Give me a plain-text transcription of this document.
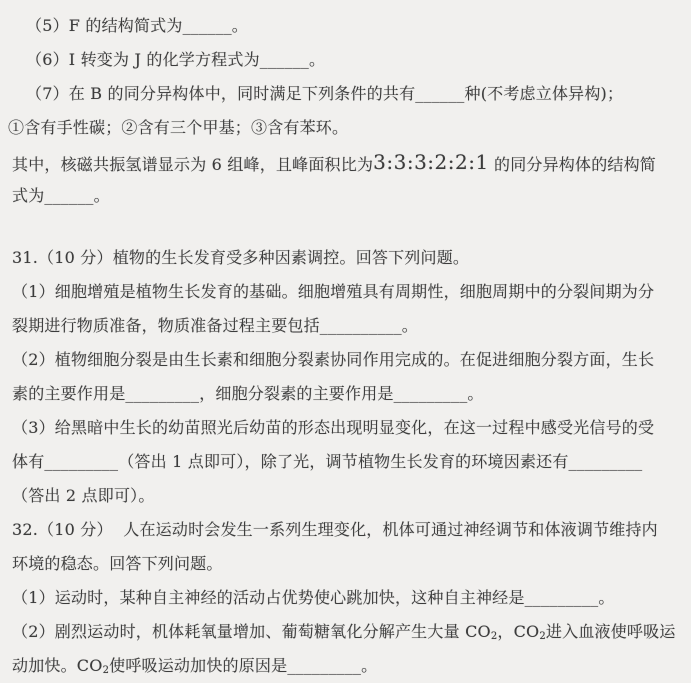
（5）F 的结构简式为______。
（6）I 转变为 J 的化学方程式为______。
（7）在 B 的同分异构体中，同时满足下列条件的共有______种(不考虑立体异构)；
①含有手性碳；②含有三个甲基；③含有苯环。
其中，核磁共振氢谱显示为 6 组峰，且峰面积比为3:3:3:2:2:1 的同分异构体的结构简
式为______。
31.（10 分）植物的生长发育受多种因素调控。回答下列问题。
（1）细胞增殖是植物生长发育的基础。细胞增殖具有周期性，细胞周期中的分裂间期为分
裂期进行物质准备，物质准备过程主要包括__________。
（2）植物细胞分裂是由生长素和细胞分裂素协同作用完成的。在促进细胞分裂方面，生长
素的主要作用是_________，细胞分裂素的主要作用是_________。
（3）给黑暗中生长的幼苗照光后幼苗的形态出现明显变化，在这一过程中感受光信号的受
体有_________（答出 1 点即可），除了光，调节植物生长发育的环境因素还有_________
（答出 2 点即可）。
32.（10 分）  人在运动时会发生一系列生理变化，机体可通过神经调节和体液调节维持内
环境的稳态。回答下列问题。
（1）运动时，某种自主神经的活动占优势使心跳加快，这种自主神经是_________。
（2）剧烈运动时，机体耗氧量增加、葡萄糖氧化分解产生大量 $CO_2$，$CO_2$进入血液使呼吸运
动加快。$CO_2$使呼吸运动加快的原因是_________。
